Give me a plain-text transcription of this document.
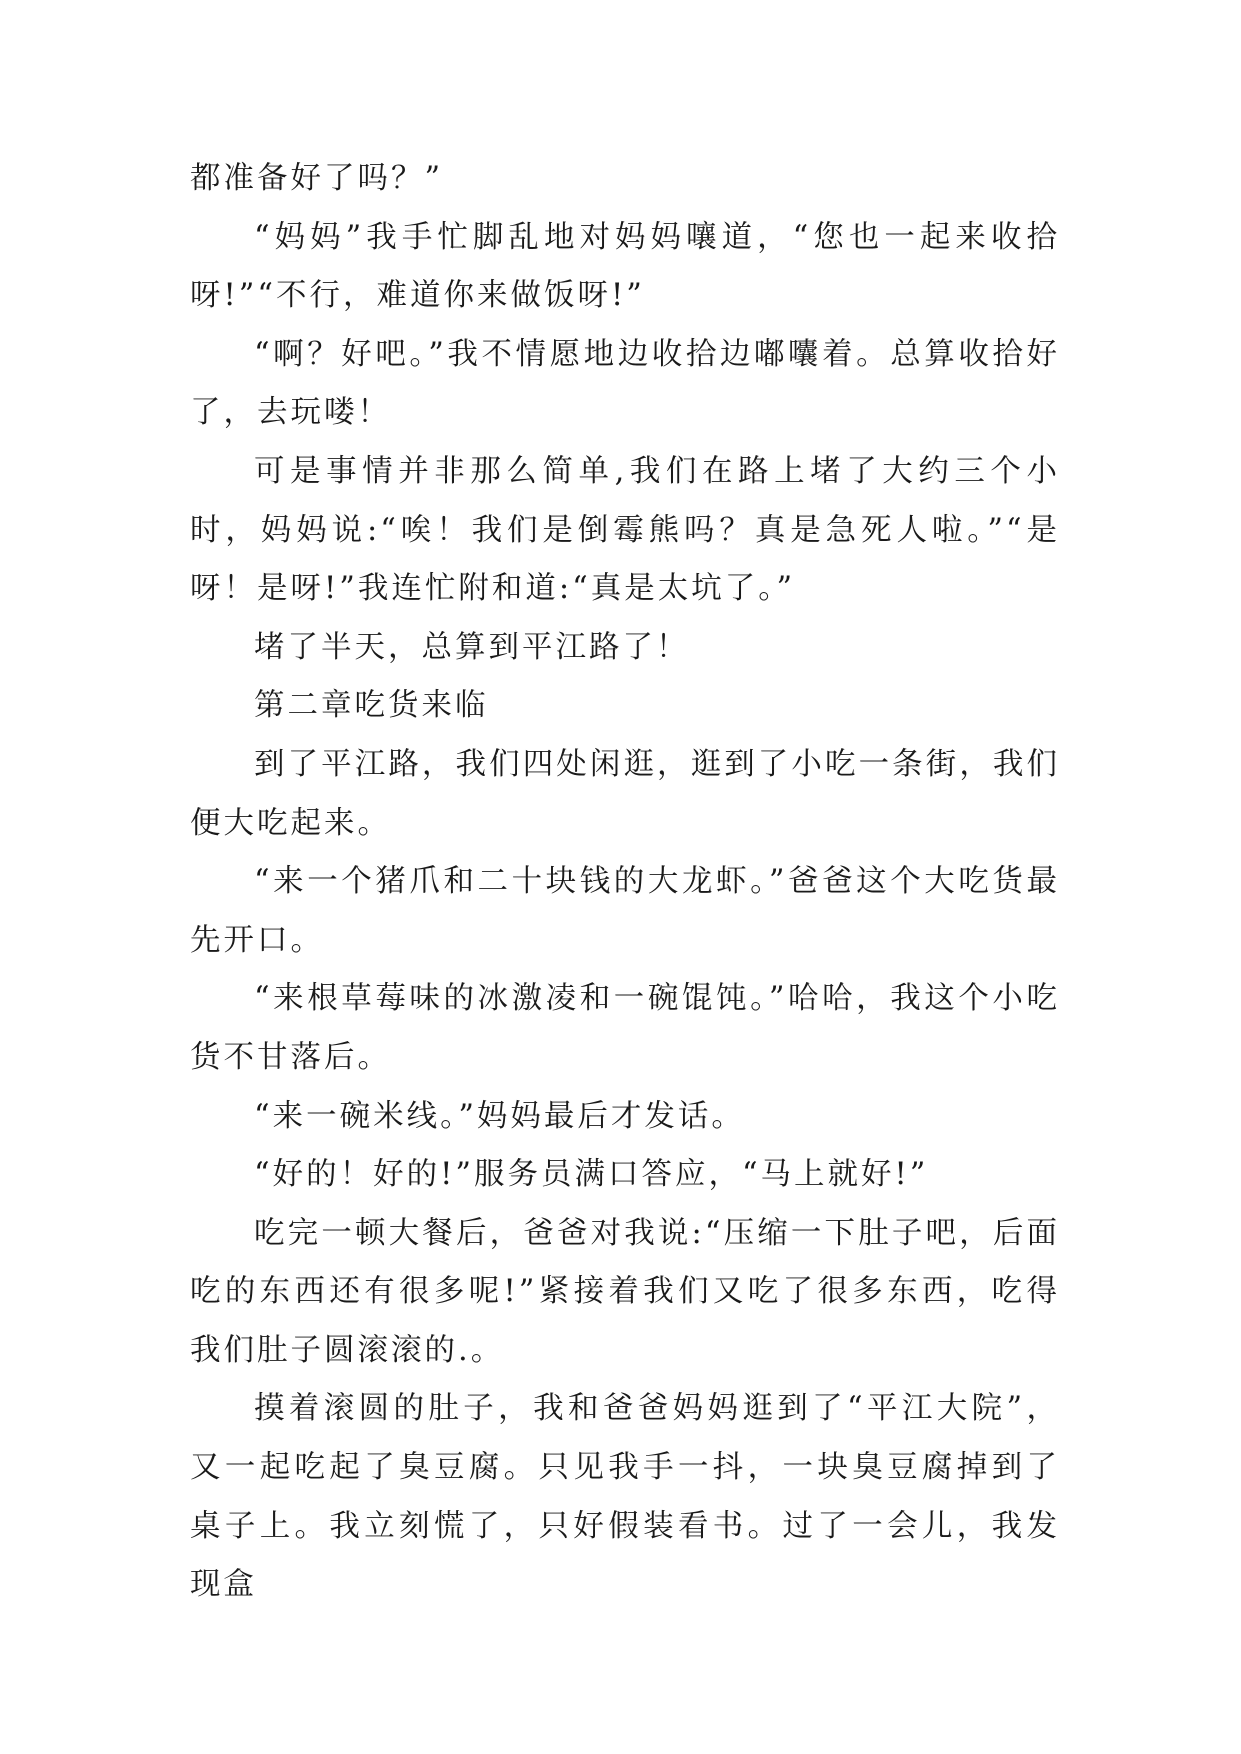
都准备好了吗？”

“妈妈”我手忙脚乱地对妈妈嚷道，“您也一起来收拾呀!”“不行，难道你来做饭呀!”

“啊？好吧。”我不情愿地边收拾边嘟囔着。总算收拾好了，去玩喽！

可是事情并非那么简单,我们在路上堵了大约三个小时，妈妈说:“唉！我们是倒霉熊吗？真是急死人啦。”“是呀！是呀!”我连忙附和道:“真是太坑了。”

堵了半天，总算到平江路了！

第二章吃货来临

到了平江路，我们四处闲逛，逛到了小吃一条街，我们便大吃起来。

“来一个猪爪和二十块钱的大龙虾。”爸爸这个大吃货最先开口。

“来根草莓味的冰激凌和一碗馄饨。”哈哈，我这个小吃货不甘落后。

“来一碗米线。”妈妈最后才发话。

“好的！好的!”服务员满口答应，“马上就好!”

吃完一顿大餐后，爸爸对我说:“压缩一下肚子吧，后面吃的东西还有很多呢!”紧接着我们又吃了很多东西，吃得我们肚子圆滚滚的.。

摸着滚圆的肚子，我和爸爸妈妈逛到了“平江大院”，又一起吃起了臭豆腐。只见我手一抖，一块臭豆腐掉到了桌子上。我立刻慌了，只好假装看书。过了一会儿，我发现盒
